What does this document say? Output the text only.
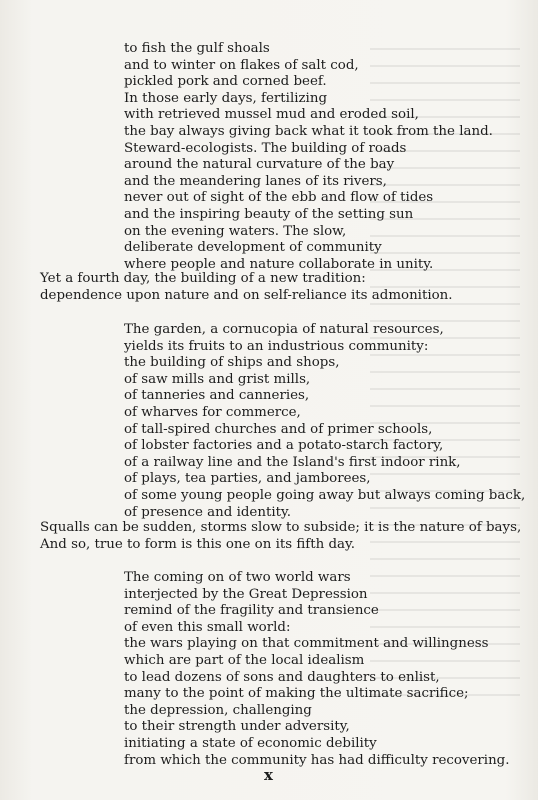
to fish the gulf shoals
and to winter on flakes of salt cod,
pickled pork and corned beef.
In those early days, fertilizing
with retrieved mussel mud and eroded soil,
the bay always giving back what it took from the land.
Steward-ecologists. The building of roads
around the natural curvature of the bay
and the meandering lanes of its rivers,
never out of sight of the ebb and flow of tides
and the inspiring beauty of the setting sun
on the evening waters. The slow,
deliberate development of community
where people and nature collaborate in unity.
Yet a fourth day, the building of a new tradition:
dependence upon nature and on self-reliance its admonition.
The garden, a cornucopia of natural resources,
yields its fruits to an industrious community:
the building of ships and shops,
of saw mills and grist mills,
of tanneries and canneries,
of wharves for commerce,
of tall-spired churches and of primer schools,
of lobster factories and a potato-starch factory,
of a railway line and the Island's first indoor rink,
of plays, tea parties, and jamborees,
of some young people going away but always coming back,
of presence and identity.
Squalls can be sudden, storms slow to subside; it is the nature of bays,
And so, true to form is this one on its fifth day.
The coming on of two world wars
interjected by the Great Depression
remind of the fragility and transience
of even this small world:
the wars playing on that commitment and willingness
which are part of the local idealism
to lead dozens of sons and daughters to enlist,
many to the point of making the ultimate sacrifice;
the depression, challenging
to their strength under adversity,
initiating a state of economic debility
from which the community has had difficulty recovering.
x
